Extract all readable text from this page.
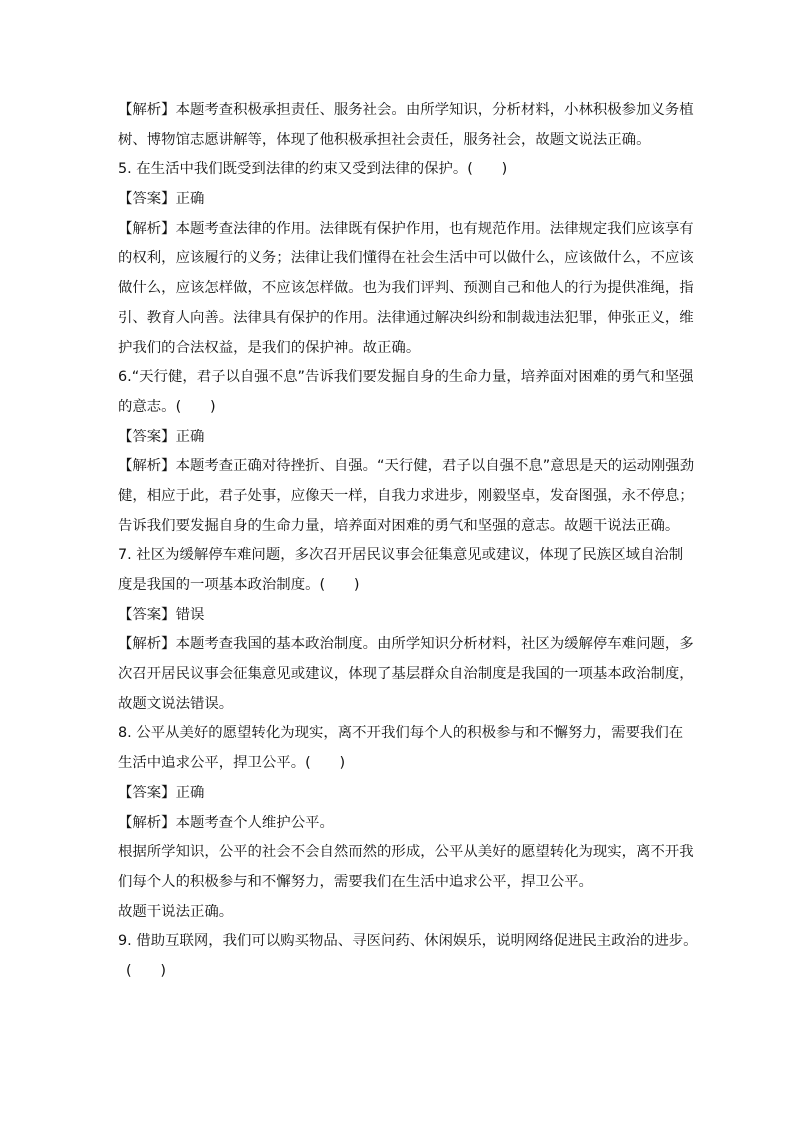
【解析】本题考查积极承担责任、服务社会。由所学知识，分析材料，小林积极参加义务植
树、博物馆志愿讲解等，体现了他积极承担社会责任，服务社会，故题文说法正确。
5. 在生活中我们既受到法律的约束又受到法律的保护。(　　)
【答案】正确
【解析】本题考查法律的作用。法律既有保护作用，也有规范作用。法律规定我们应该享有
的权利，应该履行的义务；法律让我们懂得在社会生活中可以做什么，应该做什么，不应该
做什么，应该怎样做，不应该怎样做。也为我们评判、预测自己和他人的行为提供准绳，指
引、教育人向善。法律具有保护的作用。法律通过解决纠纷和制裁违法犯罪，伸张正义，维
护我们的合法权益，是我们的保护神。故正确。
6.“天行健，君子以自强不息”告诉我们要发掘自身的生命力量，培养面对困难的勇气和坚强
的意志。(　　)
【答案】正确
【解析】本题考查正确对待挫折、自强。“天行健，君子以自强不息”意思是天的运动刚强劲
健，相应于此，君子处事，应像天一样，自我力求进步，刚毅坚卓，发奋图强，永不停息；
告诉我们要发掘自身的生命力量，培养面对困难的勇气和坚强的意志。故题干说法正确。
7. 社区为缓解停车难问题，多次召开居民议事会征集意见或建议，体现了民族区域自治制
度是我国的一项基本政治制度。(　　)
【答案】错误
【解析】本题考查我国的基本政治制度。由所学知识分析材料，社区为缓解停车难问题，多
次召开居民议事会征集意见或建议，体现了基层群众自治制度是我国的一项基本政治制度，
故题文说法错误。
8. 公平从美好的愿望转化为现实，离不开我们每个人的积极参与和不懈努力，需要我们在
生活中追求公平，捍卫公平。(　　)
【答案】正确
【解析】本题考查个人维护公平。
根据所学知识，公平的社会不会自然而然的形成，公平从美好的愿望转化为现实，离不开我
们每个人的积极参与和不懈努力，需要我们在生活中追求公平，捍卫公平。
故题干说法正确。
9. 借助互联网，我们可以购买物品、寻医问药、休闲娱乐，说明网络促进民主政治的进步。
(　　)
